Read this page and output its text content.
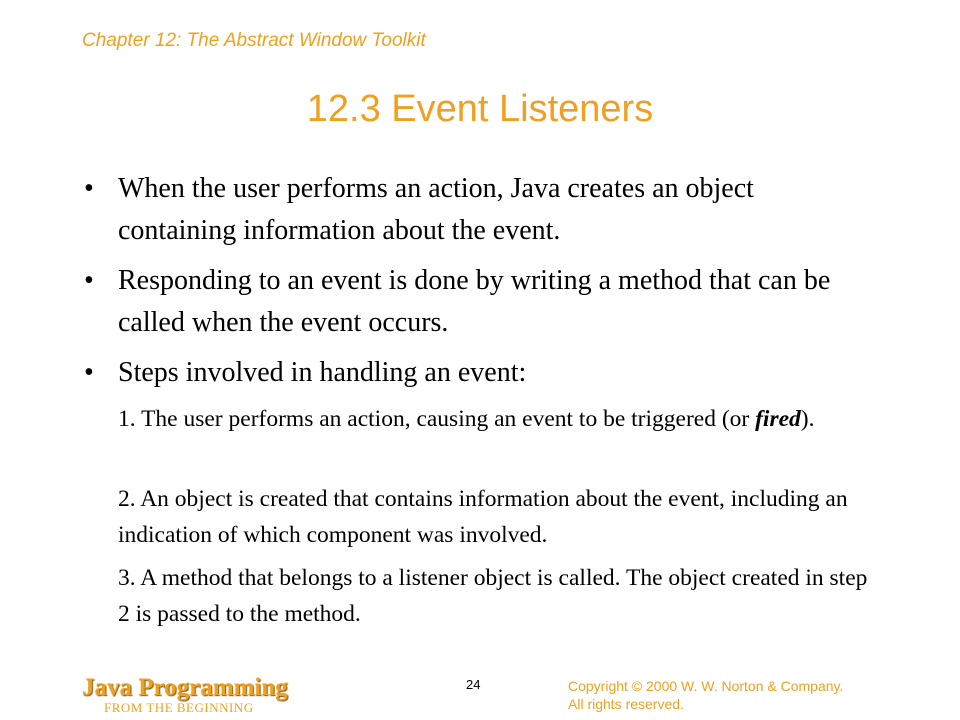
Chapter 12: The Abstract Window Toolkit
12.3 Event Listeners
• When the user performs an action, Java creates an object containing information about the event.
• Responding to an event is done by writing a method that can be called when the event occurs.
• Steps involved in handling an event:
1. The user performs an action, causing an event to be triggered (or fired).
2. An object is created that contains information about the event, including an indication of which component was involved.
3. A method that belongs to a listener object is called. The object created in step 2 is passed to the method.
Java Programming
FROM THE BEGINNING
24	Copyright © 2000 W. W. Norton & Company.
All rights reserved.
